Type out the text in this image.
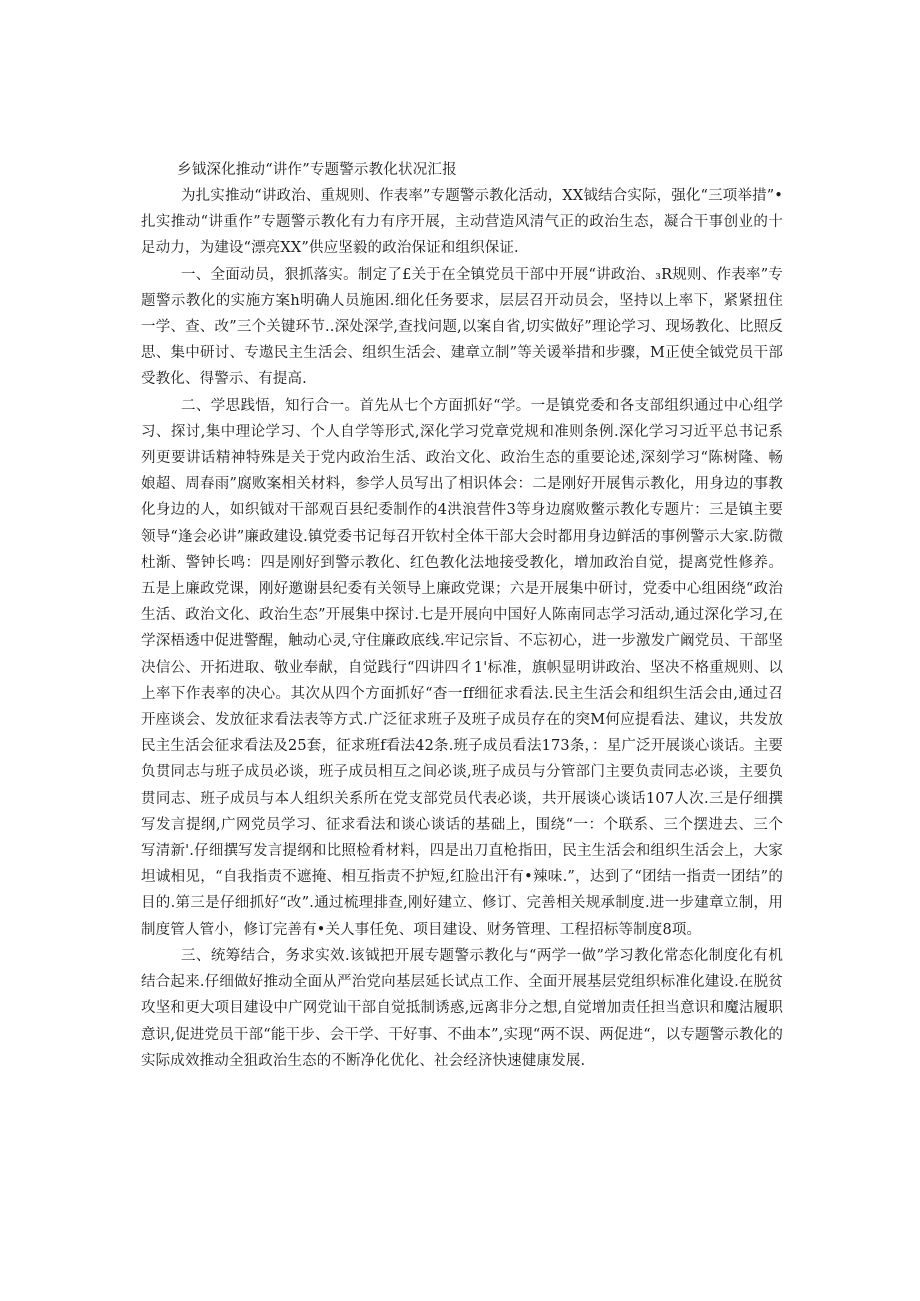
乡钺深化推动“讲作”专题警示教化状况汇报

为扎实推动“讲政治、重规则、作表率”专题警示教化活动，XX钺结合实际，强化“三项举措”•扎实推动“讲重作”专题警示教化有力有序开展，主动营造风清气正的政治生态，凝合干事创业的十足动力，为建设“漂亮XX”供应坚毅的政治保证和组织保证.

一、全面动员，狠抓落实。制定了£关于在全镇党员干部中开展“讲政治、₃R规则、作表率”专题警示教化的实施方案h明确人员施困.细化任务要求，层层召开动员会，坚持以上率下，紧紧扭住一学、查、改”三个关键环节..深处深学,查找问题,以案自省,切实做好”理论学习、现场教化、比照反思、集中研讨、专遨民主生活会、组织生活会、建章立制”等关谖举措和步骤，M正使全钺党员干部受教化、得警示、有提高.

二、学思践悟，知行合一。首先从七个方面抓好“学。一是镇党委和各支部组织通过中心组学习、探讨,集中理论学习、个人自学等形式,深化学习党章党规和准则条例.深化学习习近平总书记系列更要讲话精神特殊是关于党内政治生活、政治文化、政治生态的重要论述,深刻学习“陈树隆、畅娘超、周春雨”腐败案相关材料，参学人员写出了相识体会：二是刚好开展售示教化，用身边的事教化身边的人，如织钺对干部观百县纪委制作的4洪浪营件3等身边腐败鳖示教化专题片：三是镇主要领导“逢会必讲”廉政建设.镇党委书记每召开钦村全体干部大会时都用身边鲜活的事例警示大家.防微杜渐、警钟长鸣：四是刚好到警示教化、红色教化法地接受教化，增加政治自觉，提离党性修养。五是上廉政党课，刚好邀谢县纪委有关领导上廉政党课；六是开展集中研讨，党委中心组困绕“政治生活、政治文化、政治生态”开展集中探讨.七是开展向中国好人陈南同志学习活动,通过深化学习,在学深梧透中促进警醒，触动心灵,守住廉政底线.牢记宗旨、不忘初心，进一步激发广阚党员、干部坚决信公、开拓进取、敬业奉献，自觉践行“四讲四彳1'标准，旗帜显明讲政治、坚决不格重规则、以上率下作表率的决心。其次从四个方面抓好“杳一ff细征求看法.民主生活会和组织生活会由,通过召开座谈会、发放征求看法表等方式.广泛征求班子及班子成员存在的突M何应提看法、建议，共发放民主生活会征求看法及25套，征求班f看法42条.班子成员看法173条，：星广泛开展谈心谈话。主要负贯同志与班子成员必谈，班子成员相互之间必谈,班子成员与分管部门主要负责同志必谈，主要负贯同志、班子成员与本人组织关系所在党支部党员代表必谈，共开展谈心谈话107人次.三是仔细撰写发言提纲,广网党员学习、征求看法和谈心谈话的基础上，围绕“一：个联系、三个摆进去、三个写清新'.仔细撰写发言提纲和比照检肴材料，四是出刀直枪指田，民主生活会和组织生活会上，大家坦诚相见，“自我指责不遮掩、相互指责不护短,红脸出汗有•辣味.”，达到了“团结一指责一团结”的目的.第三是仔细抓好“改”.通过梳理排查,刚好建立、修订、完善相关规承制度.进一步建章立制，用制度管人管小，修订完善有•关人事任免、项目建设、财务管理、工程招标等制度8项。

三、统筹结合，务求实效.该钺把开展专题警示教化与“两学一做”学习教化常态化制度化有机结合起来.仔细做好推动全面从严治党向基层延长试点工作、全面开展基层党组织标准化建设.在脱贫攻坚和更大项目建设中广网党讪干部自觉抵制诱惑,远离非分之想,自觉增加责任担当意识和魔沽履职意识,促进党员干部“能干步、会干学、干好事、不曲本”,实现“两不误、两促进“，以专题警示教化的实际成效推动全狙政治生态的不断净化优化、社会经济快速健康发展.
